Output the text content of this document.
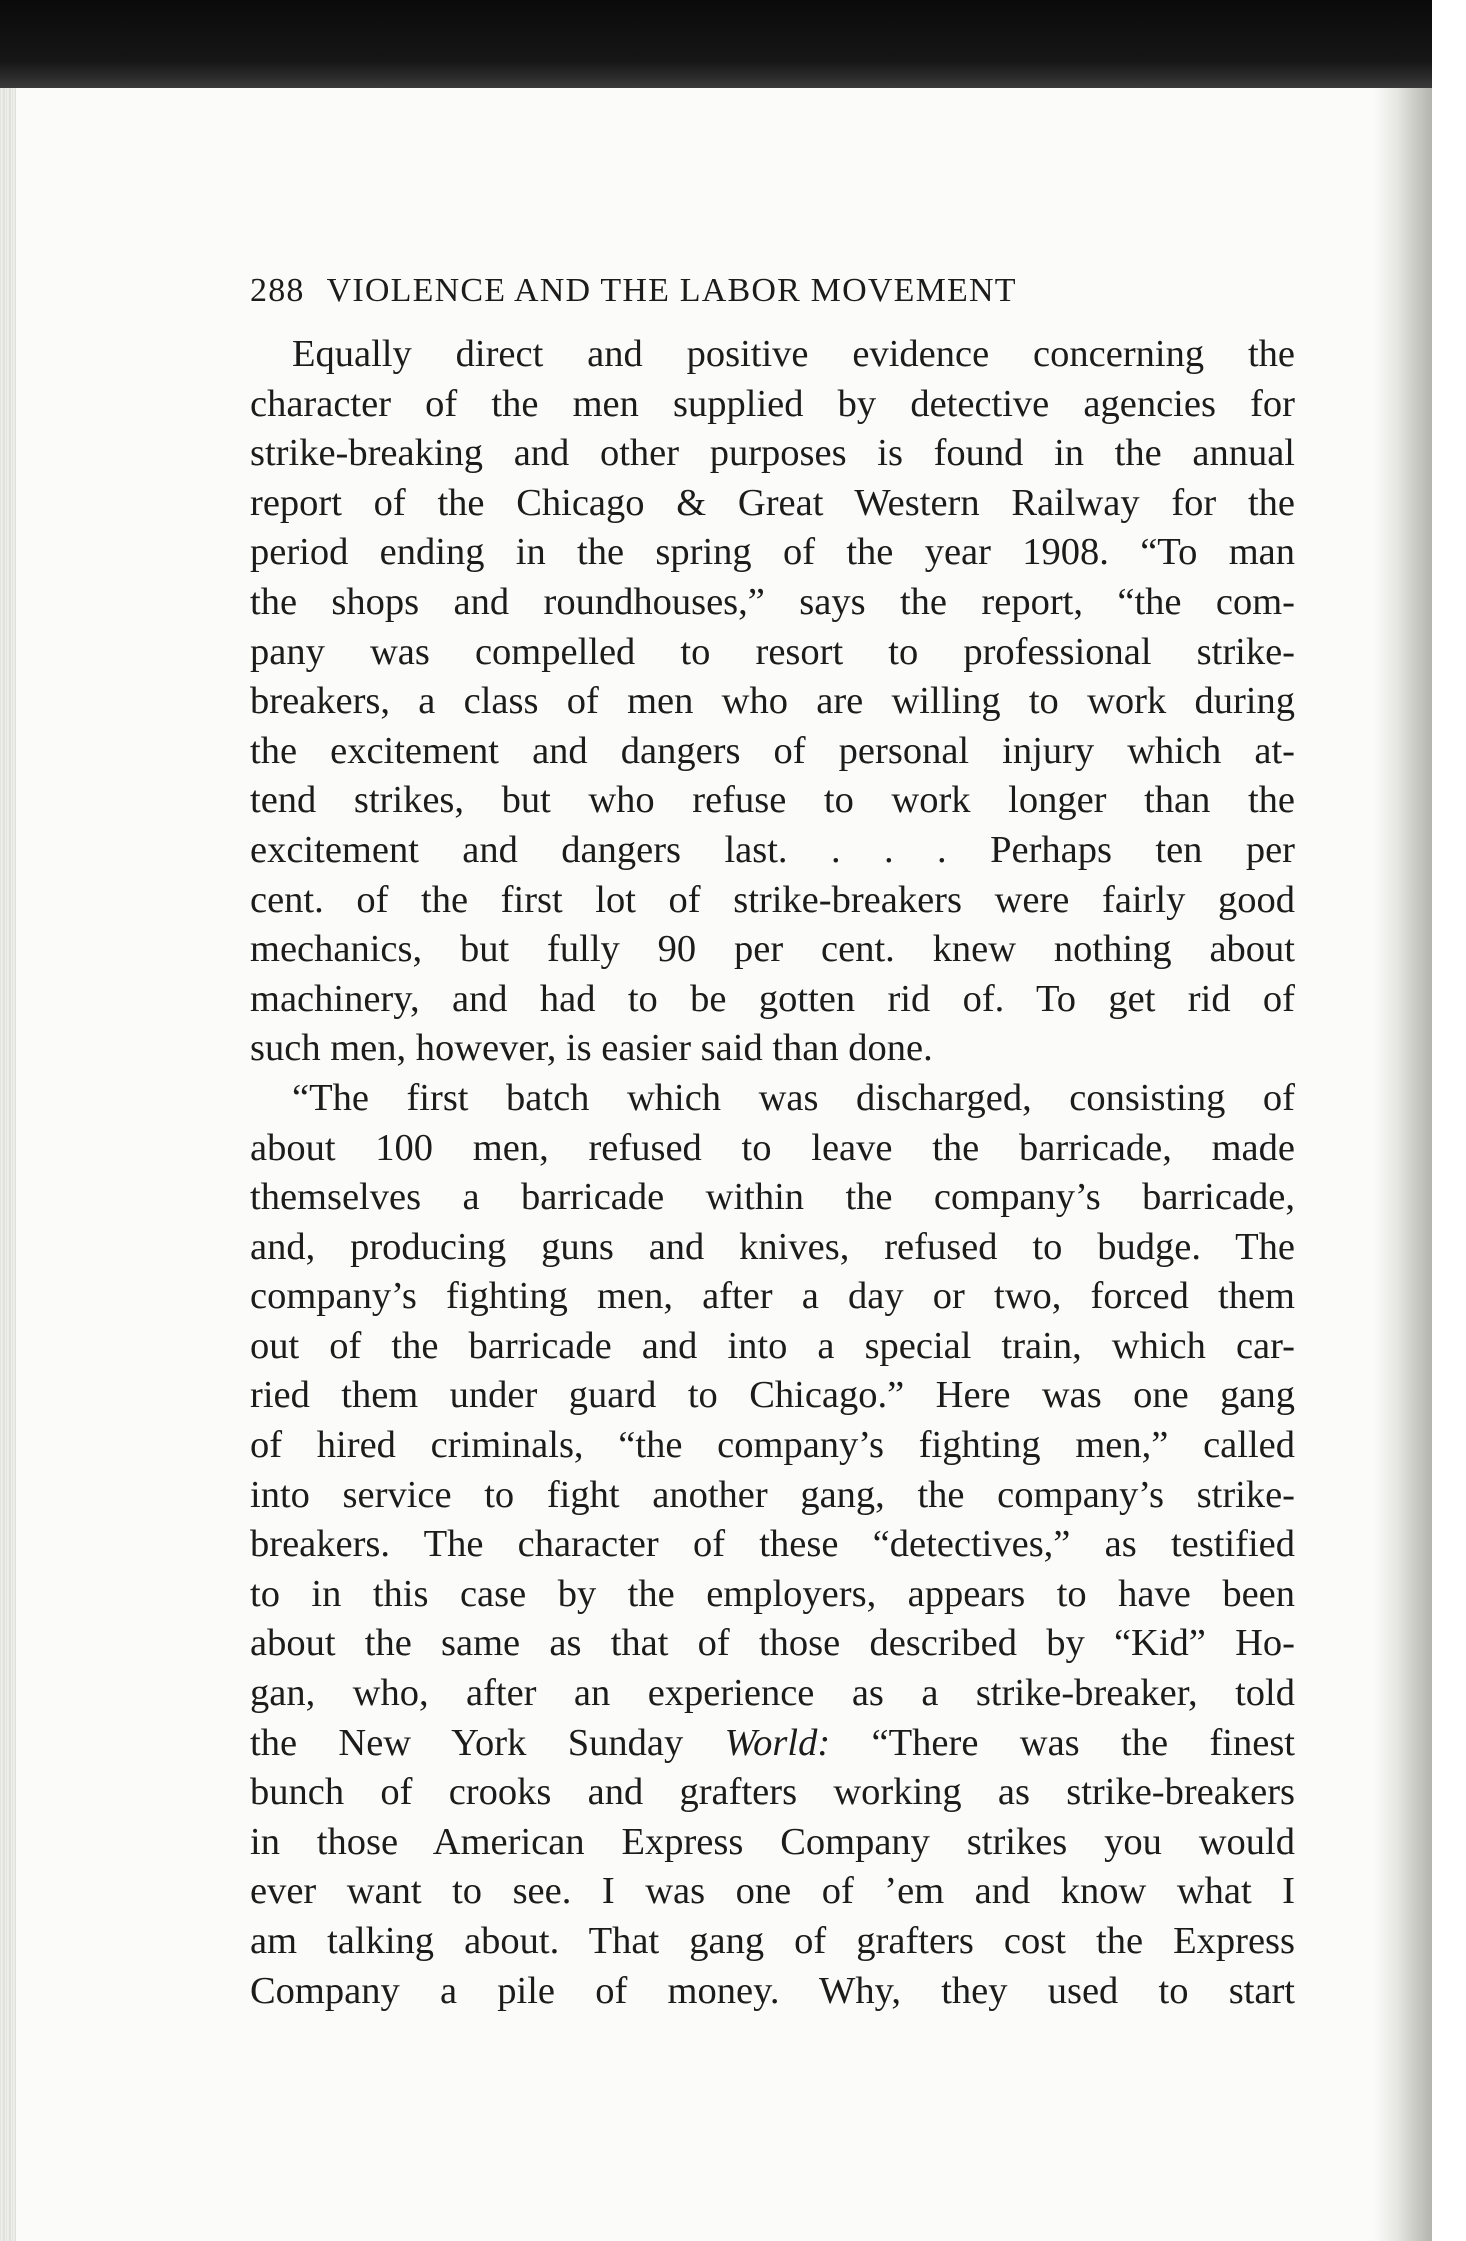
288 VIOLENCE AND THE LABOR MOVEMENT
Equally direct and positive evidence concerning the
character of the men supplied by detective agencies for
strike-breaking and other purposes is found in the annual
report of the Chicago & Great Western Railway for the
period ending in the spring of the year 1908. “To man
the shops and roundhouses,” says the report, “the com-
pany was compelled to resort to professional strike-
breakers, a class of men who are willing to work during
the excitement and dangers of personal injury which at-
tend strikes, but who refuse to work longer than the
excitement and dangers last. . . . Perhaps ten per
cent. of the first lot of strike-breakers were fairly good
mechanics, but fully 90 per cent. knew nothing about
machinery, and had to be gotten rid of. To get rid of
such men, however, is easier said than done.
“The first batch which was discharged, consisting of
about 100 men, refused to leave the barricade, made
themselves a barricade within the company’s barricade,
and, producing guns and knives, refused to budge. The
company’s fighting men, after a day or two, forced them
out of the barricade and into a special train, which car-
ried them under guard to Chicago.” Here was one gang
of hired criminals, “the company’s fighting men,” called
into service to fight another gang, the company’s strike-
breakers. The character of these “detectives,” as testified
to in this case by the employers, appears to have been
about the same as that of those described by “Kid” Ho-
gan, who, after an experience as a strike-breaker, told
the New York Sunday World: “There was the finest
bunch of crooks and grafters working as strike-breakers
in those American Express Company strikes you would
ever want to see. I was one of ’em and know what I
am talking about. That gang of grafters cost the Express
Company a pile of money. Why, they used to start
